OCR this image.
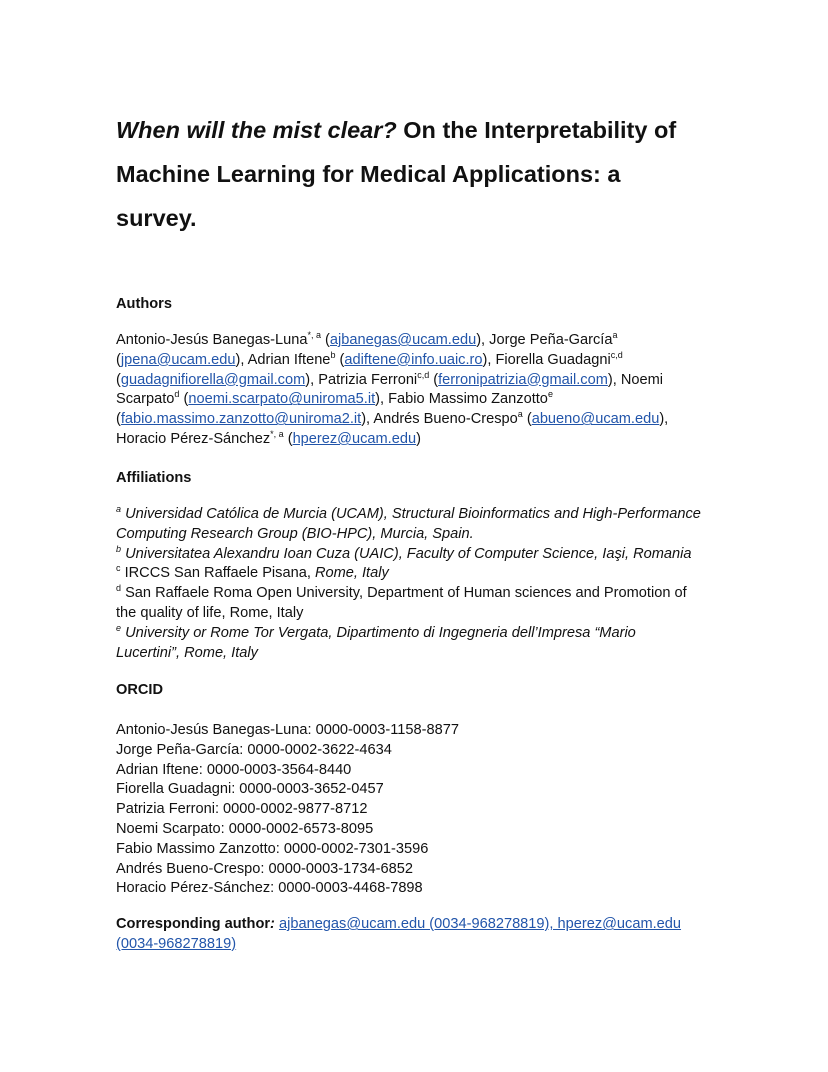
When will the mist clear? On the Interpretability of
Machine Learning for Medical Applications: a
survey.
Authors
Antonio-Jesús Banegas-Luna$^{*, a}$ (ajbanegas@ucam.edu), Jorge Peña-García$^a$
(jpena@ucam.edu), Adrian Iftene$^b$ (adiftene@info.uaic.ro), Fiorella Guadagni$^{c,d}$
(guadagnifiorella@gmail.com), Patrizia Ferroni$^{c,d}$ (ferronipatrizia@gmail.com), Noemi
Scarpato$^d$ (noemi.scarpato@uniroma5.it), Fabio Massimo Zanzotto$^e$
(fabio.massimo.zanzotto@uniroma2.it), Andrés Bueno-Crespo$^a$ (abueno@ucam.edu),
Horacio Pérez-Sánchez$^{*, a}$ (hperez@ucam.edu)
Affiliations
$^a$ Universidad Católica de Murcia (UCAM), Structural Bioinformatics and High-Performance
Computing Research Group (BIO-HPC), Murcia, Spain.
$^b$ Universitatea Alexandru Ioan Cuza (UAIC), Faculty of Computer Science, Iaşi, Romania
$^c$ IRCCS San Raffaele Pisana, Rome, Italy
$^d$ San Raffaele Roma Open University, Department of Human sciences and Promotion of
the quality of life, Rome, Italy
$^e$ University or Rome Tor Vergata, Dipartimento di Ingegneria dell’Impresa “Mario
Lucertini”, Rome, Italy
ORCID
Antonio-Jesús Banegas-Luna: 0000-0003-1158-8877
Jorge Peña-García: 0000-0002-3622-4634
Adrian Iftene: 0000-0003-3564-8440
Fiorella Guadagni: 0000-0003-3652-0457
Patrizia Ferroni: 0000-0002-9877-8712
Noemi Scarpato: 0000-0002-6573-8095
Fabio Massimo Zanzotto: 0000-0002-7301-3596
Andrés Bueno-Crespo: 0000-0003-1734-6852
Horacio Pérez-Sánchez: 0000-0003-4468-7898
Corresponding author: ajbanegas@ucam.edu (0034-968278819), hperez@ucam.edu
(0034-968278819)
